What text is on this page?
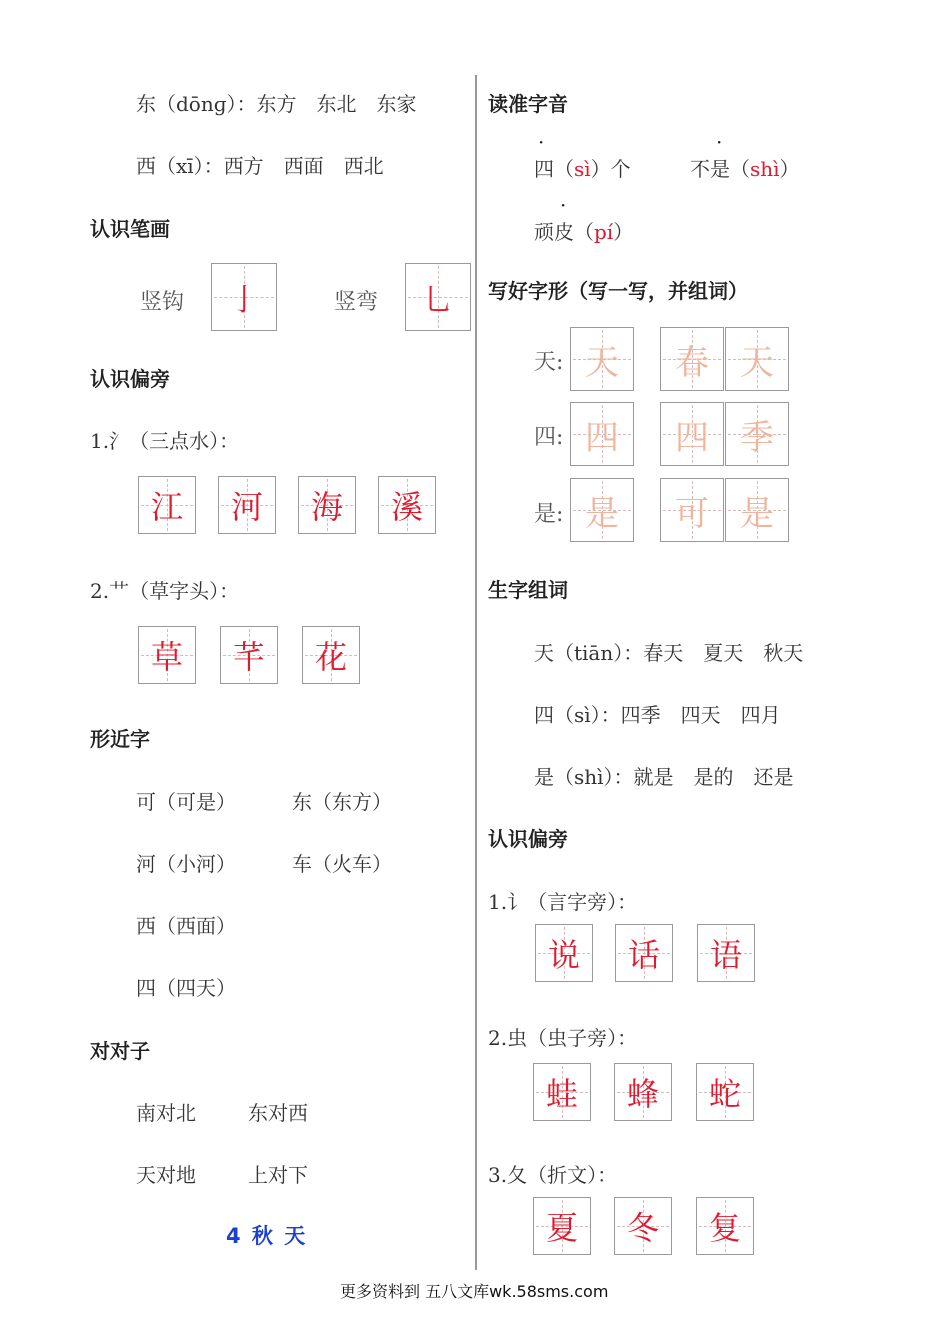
东（dōnɡ）：东方　东北　东家
西（xī）：西方　西面　西北
认识笔画
竖钩 亅	竖弯 乚
认识偏旁
1.氵（三点水）：
江 河 海 溪
2.艹（草字头）：
草 芊 花
形近字
可（可是）	东（东方）
河（小河）	车（火车）
西（西面）
四（四天）
对对子
南对北	东对西
天对地	上对下
4 秋 天
读准字音
·
四（sì）个
·
不是（shì）
·
顽皮（pí）
写好字形（写一写，并组词）
天: 天 春 天
四: 四 四 季
是: 是 可 是
生字组词
天（tiān）：春天　夏天　秋天
四（sì）：四季　四天　四月
是（shì）：就是　是的　还是
认识偏旁
1.讠（言字旁）：
说 话 语
2.虫（虫子旁）：
蛙 蜂 蛇
3.夂（折文）：
夏 冬 复
更多资料到 五八文库wk.58sms.com
